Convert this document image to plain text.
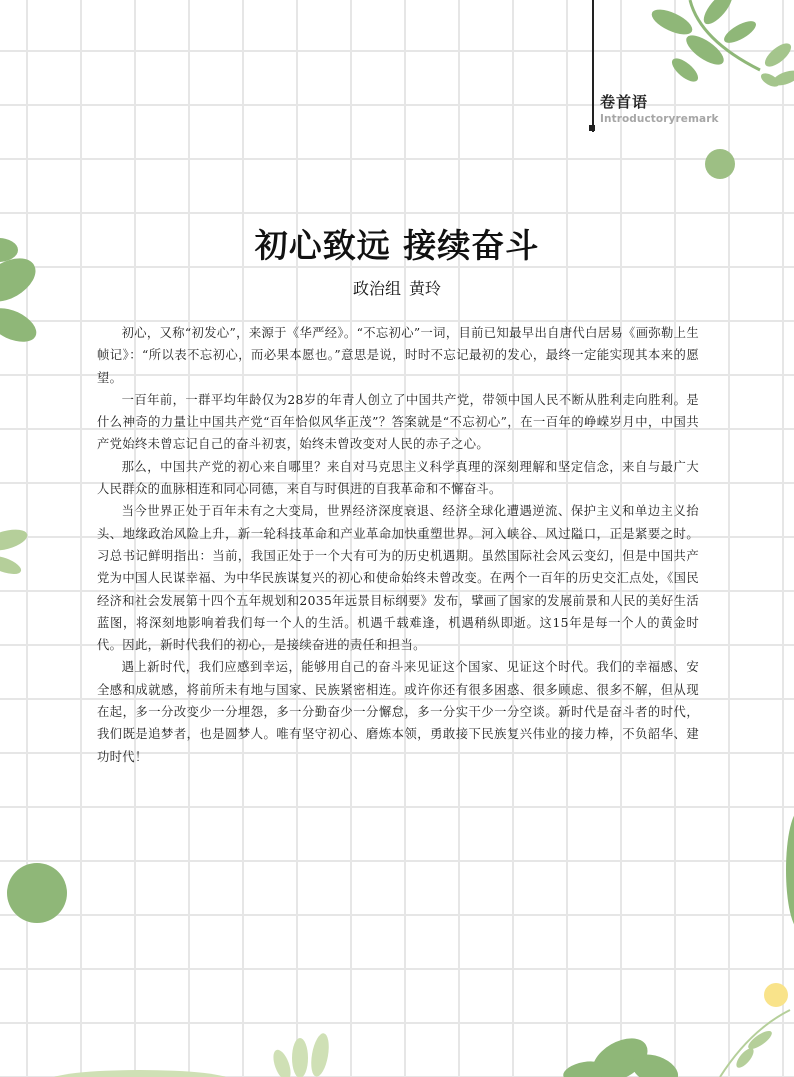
卷首语
Introductoryremark
初心致远 接续奋斗
政治组 黄玲

初心，又称“初发心”，来源于《华严经》。“不忘初心”一词，目前已知最早出自唐代白居易《画弥勒上生帧记》：“所以表不忘初心，而必果本愿也。”意思是说，时时不忘记最初的发心，最终一定能实现其本来的愿望。

一百年前，一群平均年龄仅为28岁的年青人创立了中国共产党，带领中国人民不断从胜利走向胜利。是什么神奇的力量让中国共产党“百年恰似风华正茂”？答案就是“不忘初心”，在一百年的峥嵘岁月中，中国共产党始终未曾忘记自己的奋斗初衷，始终未曾改变对人民的赤子之心。

那么，中国共产党的初心来自哪里？来自对马克思主义科学真理的深刻理解和坚定信念，来自与最广大人民群众的血脉相连和同心同德，来自与时俱进的自我革命和不懈奋斗。

当今世界正处于百年未有之大变局，世界经济深度衰退、经济全球化遭遇逆流、保护主义和单边主义抬头、地缘政治风险上升，新一轮科技革命和产业革命加快重塑世界。河入峡谷、风过隘口，正是紧要之时。习总书记鲜明指出：当前，我国正处于一个大有可为的历史机遇期。虽然国际社会风云变幻，但是中国共产党为中国人民谋幸福、为中华民族谋复兴的初心和使命始终未曾改变。在两个一百年的历史交汇点处，《国民经济和社会发展第十四个五年规划和2035年远景目标纲要》发布，擘画了国家的发展前景和人民的美好生活蓝图，将深刻地影响着我们每一个人的生活。机遇千载难逢，机遇稍纵即逝。这15年是每一个人的黄金时代。因此，新时代我们的初心，是接续奋进的责任和担当。

遇上新时代，我们应感到幸运，能够用自己的奋斗来见证这个国家、见证这个时代。我们的幸福感、安全感和成就感，将前所未有地与国家、民族紧密相连。或许你还有很多困惑、很多顾虑、很多不解，但从现在起，多一分改变少一分埋怨，多一分勤奋少一分懈怠，多一分实干少一分空谈。新时代是奋斗者的时代，我们既是追梦者，也是圆梦人。唯有坚守初心、磨炼本领，勇敢接下民族复兴伟业的接力棒，不负韶华、建功时代！
